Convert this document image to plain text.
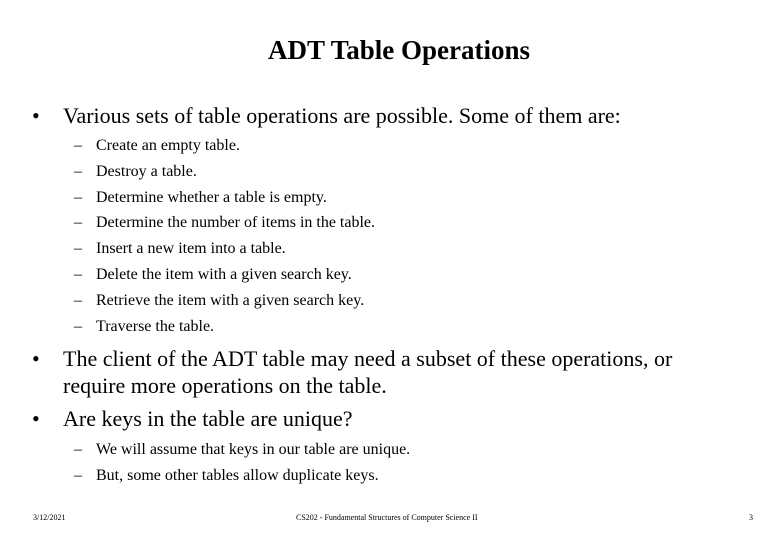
ADT Table Operations
•	Various sets of table operations are possible. Some of them are:
– Create an empty table.
– Destroy a table.
– Determine whether a table is empty.
– Determine the number of items in the table.
– Insert a new item into a table.
– Delete the item with a given search key.
– Retrieve the item with a given search key.
– Traverse the table.
•	The client of the ADT table may need a subset of these operations, or
require more operations on the table.
•	Are keys in the table are unique?
– We will assume that keys in our table are unique.
– But, some other tables allow duplicate keys.
3/12/2021	CS202 - Fundamental Structures of Computer Science II	3
